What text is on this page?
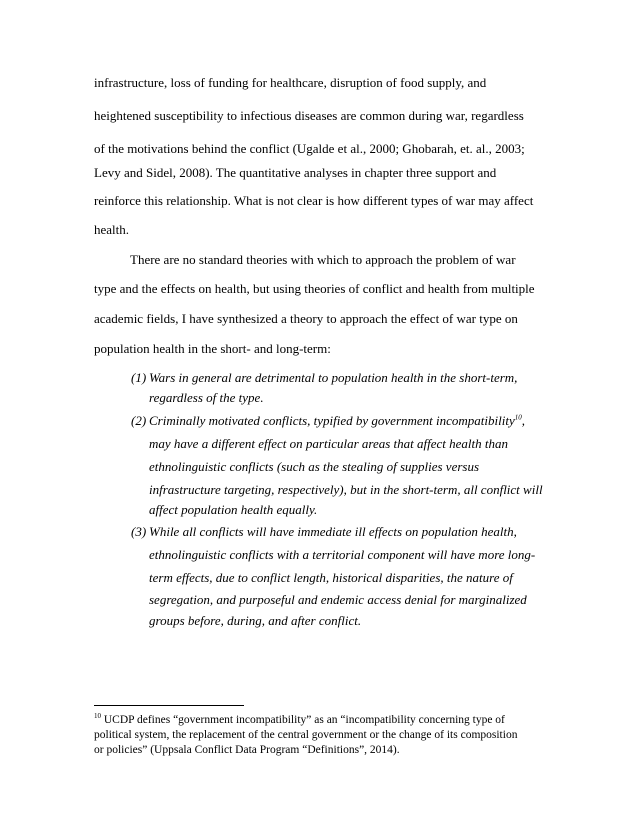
infrastructure, loss of funding for healthcare, disruption of food supply, and
heightened susceptibility to infectious diseases are common during war, regardless
of the motivations behind the conflict (Ugalde et al., 2000; Ghobarah, et. al., 2003;
Levy and Sidel, 2008). The quantitative analyses in chapter three support and
reinforce this relationship. What is not clear is how different types of war may affect
health.
There are no standard theories with which to approach the problem of war
type and the effects on health, but using theories of conflict and health from multiple
academic fields, I have synthesized a theory to approach the effect of war type on
population health in the short- and long-term:
(1) Wars in general are detrimental to population health in the short-term,
regardless of the type.
(2) Criminally motivated conflicts, typified by government incompatibility$^{10}$,
may have a different effect on particular areas that affect health than
ethnolinguistic conflicts (such as the stealing of supplies versus
infrastructure targeting, respectively), but in the short-term, all conflict will
affect population health equally.
(3) While all conflicts will have immediate ill effects on population health,
ethnolinguistic conflicts with a territorial component will have more long-
term effects, due to conflict length, historical disparities, the nature of
segregation, and purposeful and endemic access denial for marginalized
groups before, during, and after conflict.
$^{10}$ UCDP defines “government incompatibility” as an “incompatibility concerning type of
political system, the replacement of the central government or the change of its composition
or policies” (Uppsala Conflict Data Program “Definitions”, 2014).
